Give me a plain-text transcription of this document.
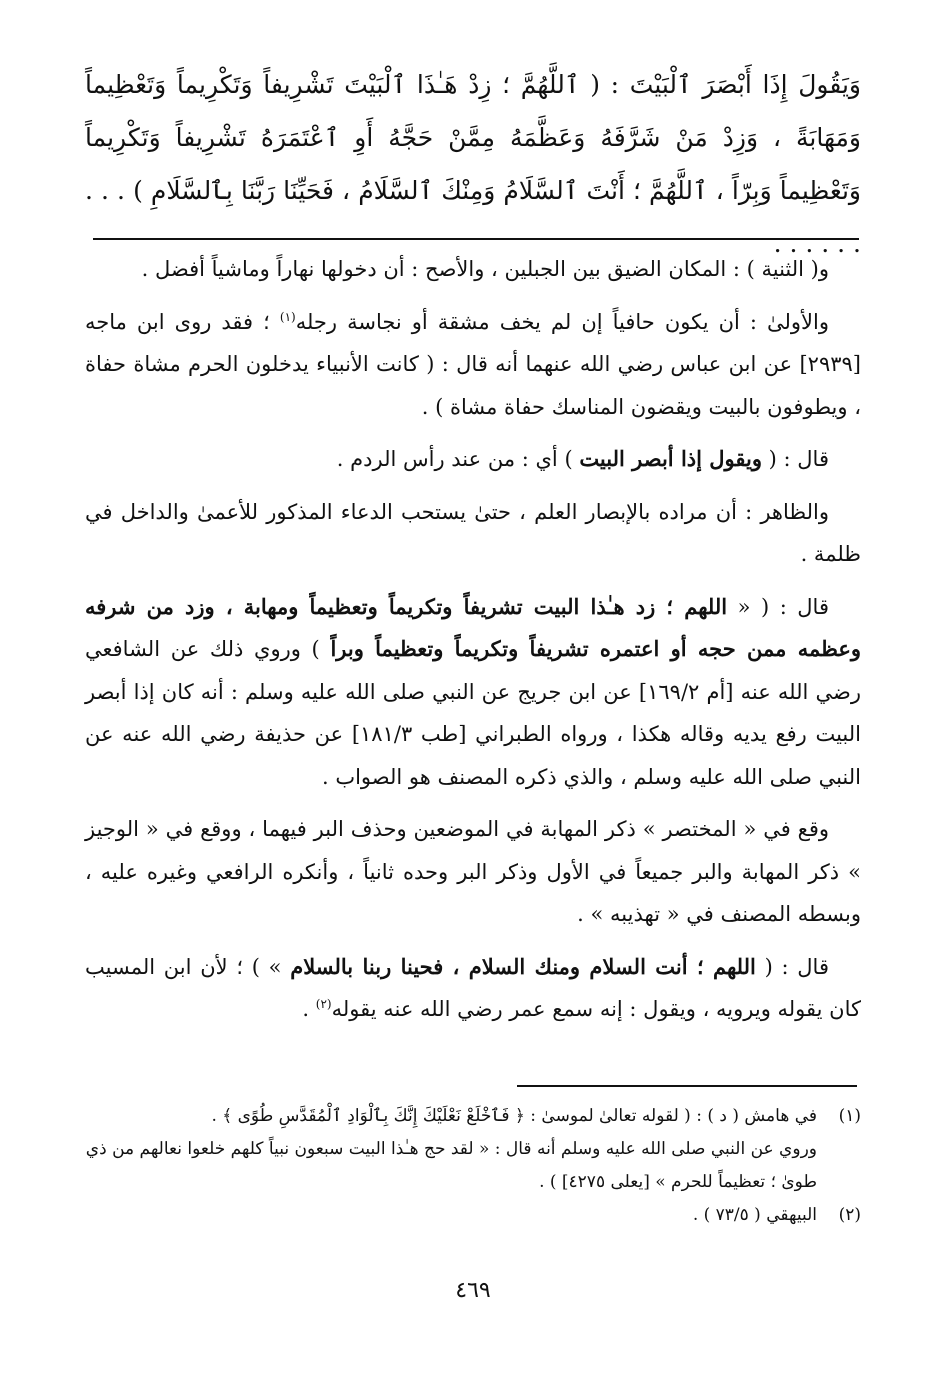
وَيَقُولَ إِذَا أَبْصَرَ ٱلْبَيْتَ : ( ٱللَّهُمَّ ؛ زِدْ هَـٰذَا ٱلْبَيْتَ تَشْرِيفاً وَتَكْرِيماً وَتَعْظِيماً وَمَهَابَةً ، وَزِدْ مَنْ شَرَّفَهُ وَعَظَّمَهُ مِمَّنْ حَجَّهُ أَوِ ٱعْتَمَرَهُ تَشْرِيفاً وَتَكْرِيماً وَتَعْظِيماً وَبِرّاً ، ٱللَّهُمَّ ؛ أَنْتَ ٱلسَّلَامُ وَمِنْكَ ٱلسَّلَامُ ، فَحَيِّنَا رَبَّنَا بِٱلسَّلَامِ ) . . . . . . . . .

و( الثنية ) : المكان الضيق بين الجبلين ، والأصح : أن دخولها نهاراً وماشياً أفضل .

والأولىٰ : أن يكون حافياً إن لم يخف مشقة أو نجاسة رجله$^{(١)}$ ؛ فقد روى ابن ماجه [٢٩٣٩] عن ابن عباس رضي الله عنهما أنه قال : ( كانت الأنبياء يدخلون الحرم مشاة حفاة ، ويطوفون بالبيت ويقضون المناسك حفاة مشاة ) .

قال : ( ويقول إذا أبصر البيت ) أي : من عند رأس الردم .

والظاهر : أن مراده بالإبصار العلم ، حتىٰ يستحب الدعاء المذكور للأعمىٰ والداخل في ظلمة .

قال : ( « اللهم ؛ زد هـٰذا البيت تشريفاً وتكريماً وتعظيماً ومهابة ، وزد من شرفه وعظمه ممن حجه أو اعتمره تشريفاً وتكريماً وتعظيماً وبراً ) وروي ذلك عن الشافعي رضي الله عنه [أم ١٦٩/٢] عن ابن جريج عن النبي صلى الله عليه وسلم : أنه كان إذا أبصر البيت رفع يديه وقاله هكذا ، ورواه الطبراني [طب ١٨١/٣] عن حذيفة رضي الله عنه عن النبي صلى الله عليه وسلم ، والذي ذكره المصنف هو الصواب .

وقع في « المختصر » ذكر المهابة في الموضعين وحذف البر فيهما ، ووقع في « الوجيز » ذكر المهابة والبر جميعاً في الأول وذكر البر وحده ثانياً ، وأنكره الرافعي وغيره عليه ، وبسطه المصنف في « تهذيبه » .

قال : ( اللهم ؛ أنت السلام ومنك السلام ، فحينا ربنا بالسلام » ) ؛ لأن ابن المسيب كان يقوله ويرويه ، ويقول : إنه سمع عمر رضي الله عنه يقوله$^{(٢)}$ .

(١)في هامش ( د ) : ( لقوله تعالىٰ لموسىٰ : ﴿ فَٱخْلَعْ نَعْلَيْكَ إِنَّكَ بِٱلْوَادِ ٱلْمُقَدَّسِ طُوًى ﴾ .

وروي عن النبي صلى الله عليه وسلم أنه قال : « لقد حج هـٰذا البيت سبعون نبياً كلهم خلعوا نعالهم من ذي طوىٰ ؛ تعظيماً للحرم » [يعلى ٤٢٧٥] ) .

(٢)البيهقي ( ٧٣/٥ ) .

٤٦٩
